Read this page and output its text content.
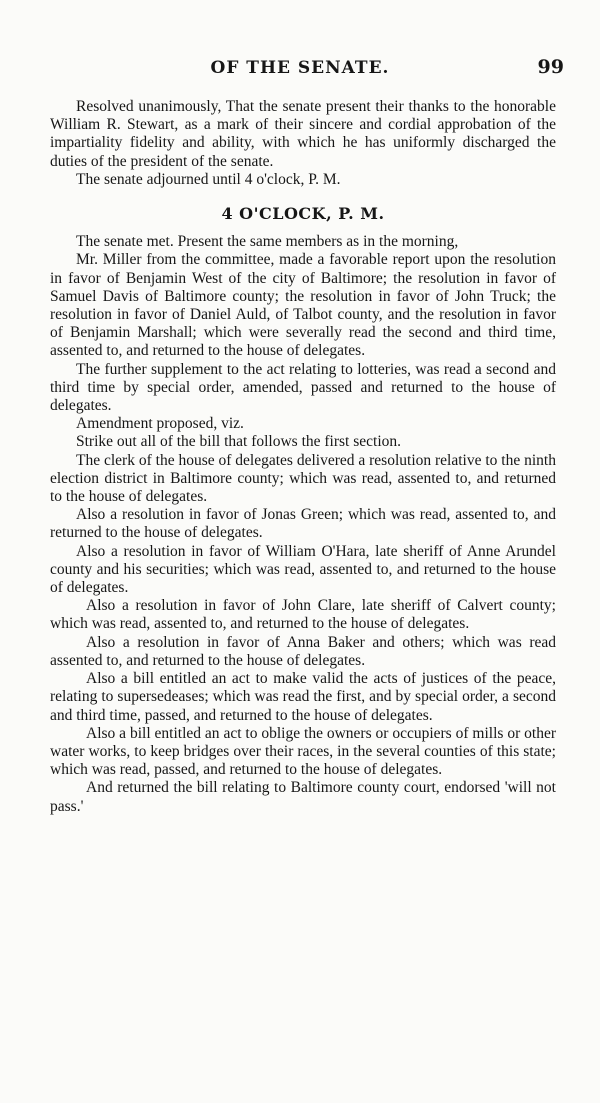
OF THE SENATE.	99

Resolved unanimously, That the senate present their thanks to the honorable William R. Stewart, as a mark of their sincere and cordial approbation of the impartiality fidelity and ability, with which he has uniformly discharged the duties of the president of the senate.

The senate adjourned until 4 o'clock, P. M.

4 O'CLOCK, P. M.

The senate met. Present the same members as in the morning,

Mr. Miller from the committee, made a favorable report upon the resolution in favor of Benjamin West of the city of Baltimore; the resolution in favor of Samuel Davis of Baltimore county; the resolution in favor of John Truck; the resolution in favor of Daniel Auld, of Talbot county, and the resolution in favor of Benjamin Marshall; which were severally read the second and third time, assented to, and returned to the house of delegates.

The further supplement to the act relating to lotteries, was read a second and third time by special order, amended, passed and returned to the house of delegates.

Amendment proposed, viz.

Strike out all of the bill that follows the first section.

The clerk of the house of delegates delivered a resolution relative to the ninth election district in Baltimore county; which was read, assented to, and returned to the house of delegates.

Also a resolution in favor of Jonas Green; which was read, assented to, and returned to the house of delegates.

Also a resolution in favor of William O'Hara, late sheriff of Anne Arundel county and his securities; which was read, assented to, and returned to the house of delegates.

Also a resolution in favor of John Clare, late sheriff of Calvert county; which was read, assented to, and returned to the house of delegates.

Also a resolution in favor of Anna Baker and others; which was read assented to, and returned to the house of delegates.

Also a bill entitled an act to make valid the acts of justices of the peace, relating to supersedeases; which was read the first, and by special order, a second and third time, passed, and returned to the house of delegates.

Also a bill entitled an act to oblige the owners or occupiers of mills or other water works, to keep bridges over their races, in the several counties of this state; which was read, passed, and returned to the house of delegates.

And returned the bill relating to Baltimore county court, endorsed 'will not pass.'
